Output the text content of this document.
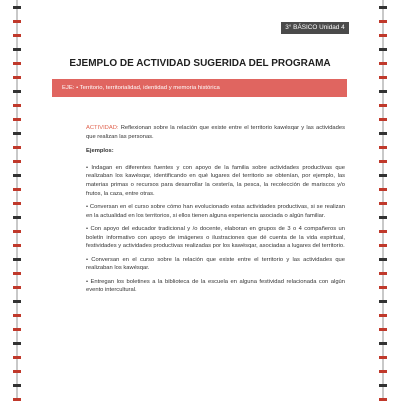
3° BÁSICO Unidad 4
EJEMPLO DE ACTIVIDAD SUGERIDA DEL PROGRAMA
EJE: • Territorio, territorialidad, identidad y memoria histórica

ACTIVIDAD: Reflexionan sobre la relación que existe entre el territorio kawésqar y las actividades que realizan las personas.

Ejemplos:

• Indagan en diferentes fuentes y con apoyo de la familia sobre actividades productivas que realizaban los kawésqar, identificando en qué lugares del territorio se obtenían, por ejemplo, las materias primas o recursos para desarrollar la cestería, la pesca, la recolección de mariscos y/o frutos, la caza, entre otras.

• Conversan en el curso sobre cómo han evolucionado estas actividades productivas, si se realizan en la actualidad en los territorios, si ellos tienen alguna experiencia asociada o algún familiar.

• Con apoyo del educador tradicional y /o docente, elaboran en grupos de 3 o 4 compañeros un boletín informativo con apoyo de imágenes o ilustraciones que dé cuenta de la vida espiritual, festividades y actividades productivas realizadas por los kawésqar, asociadas a lugares del territorio.

• Conversan en el curso sobre la relación que existe entre el territorio y las actividades que realizaban los kawésqar.

• Entregan los boletines a la biblioteca de la escuela en alguna festividad relacionada con algún evento intercultural.
